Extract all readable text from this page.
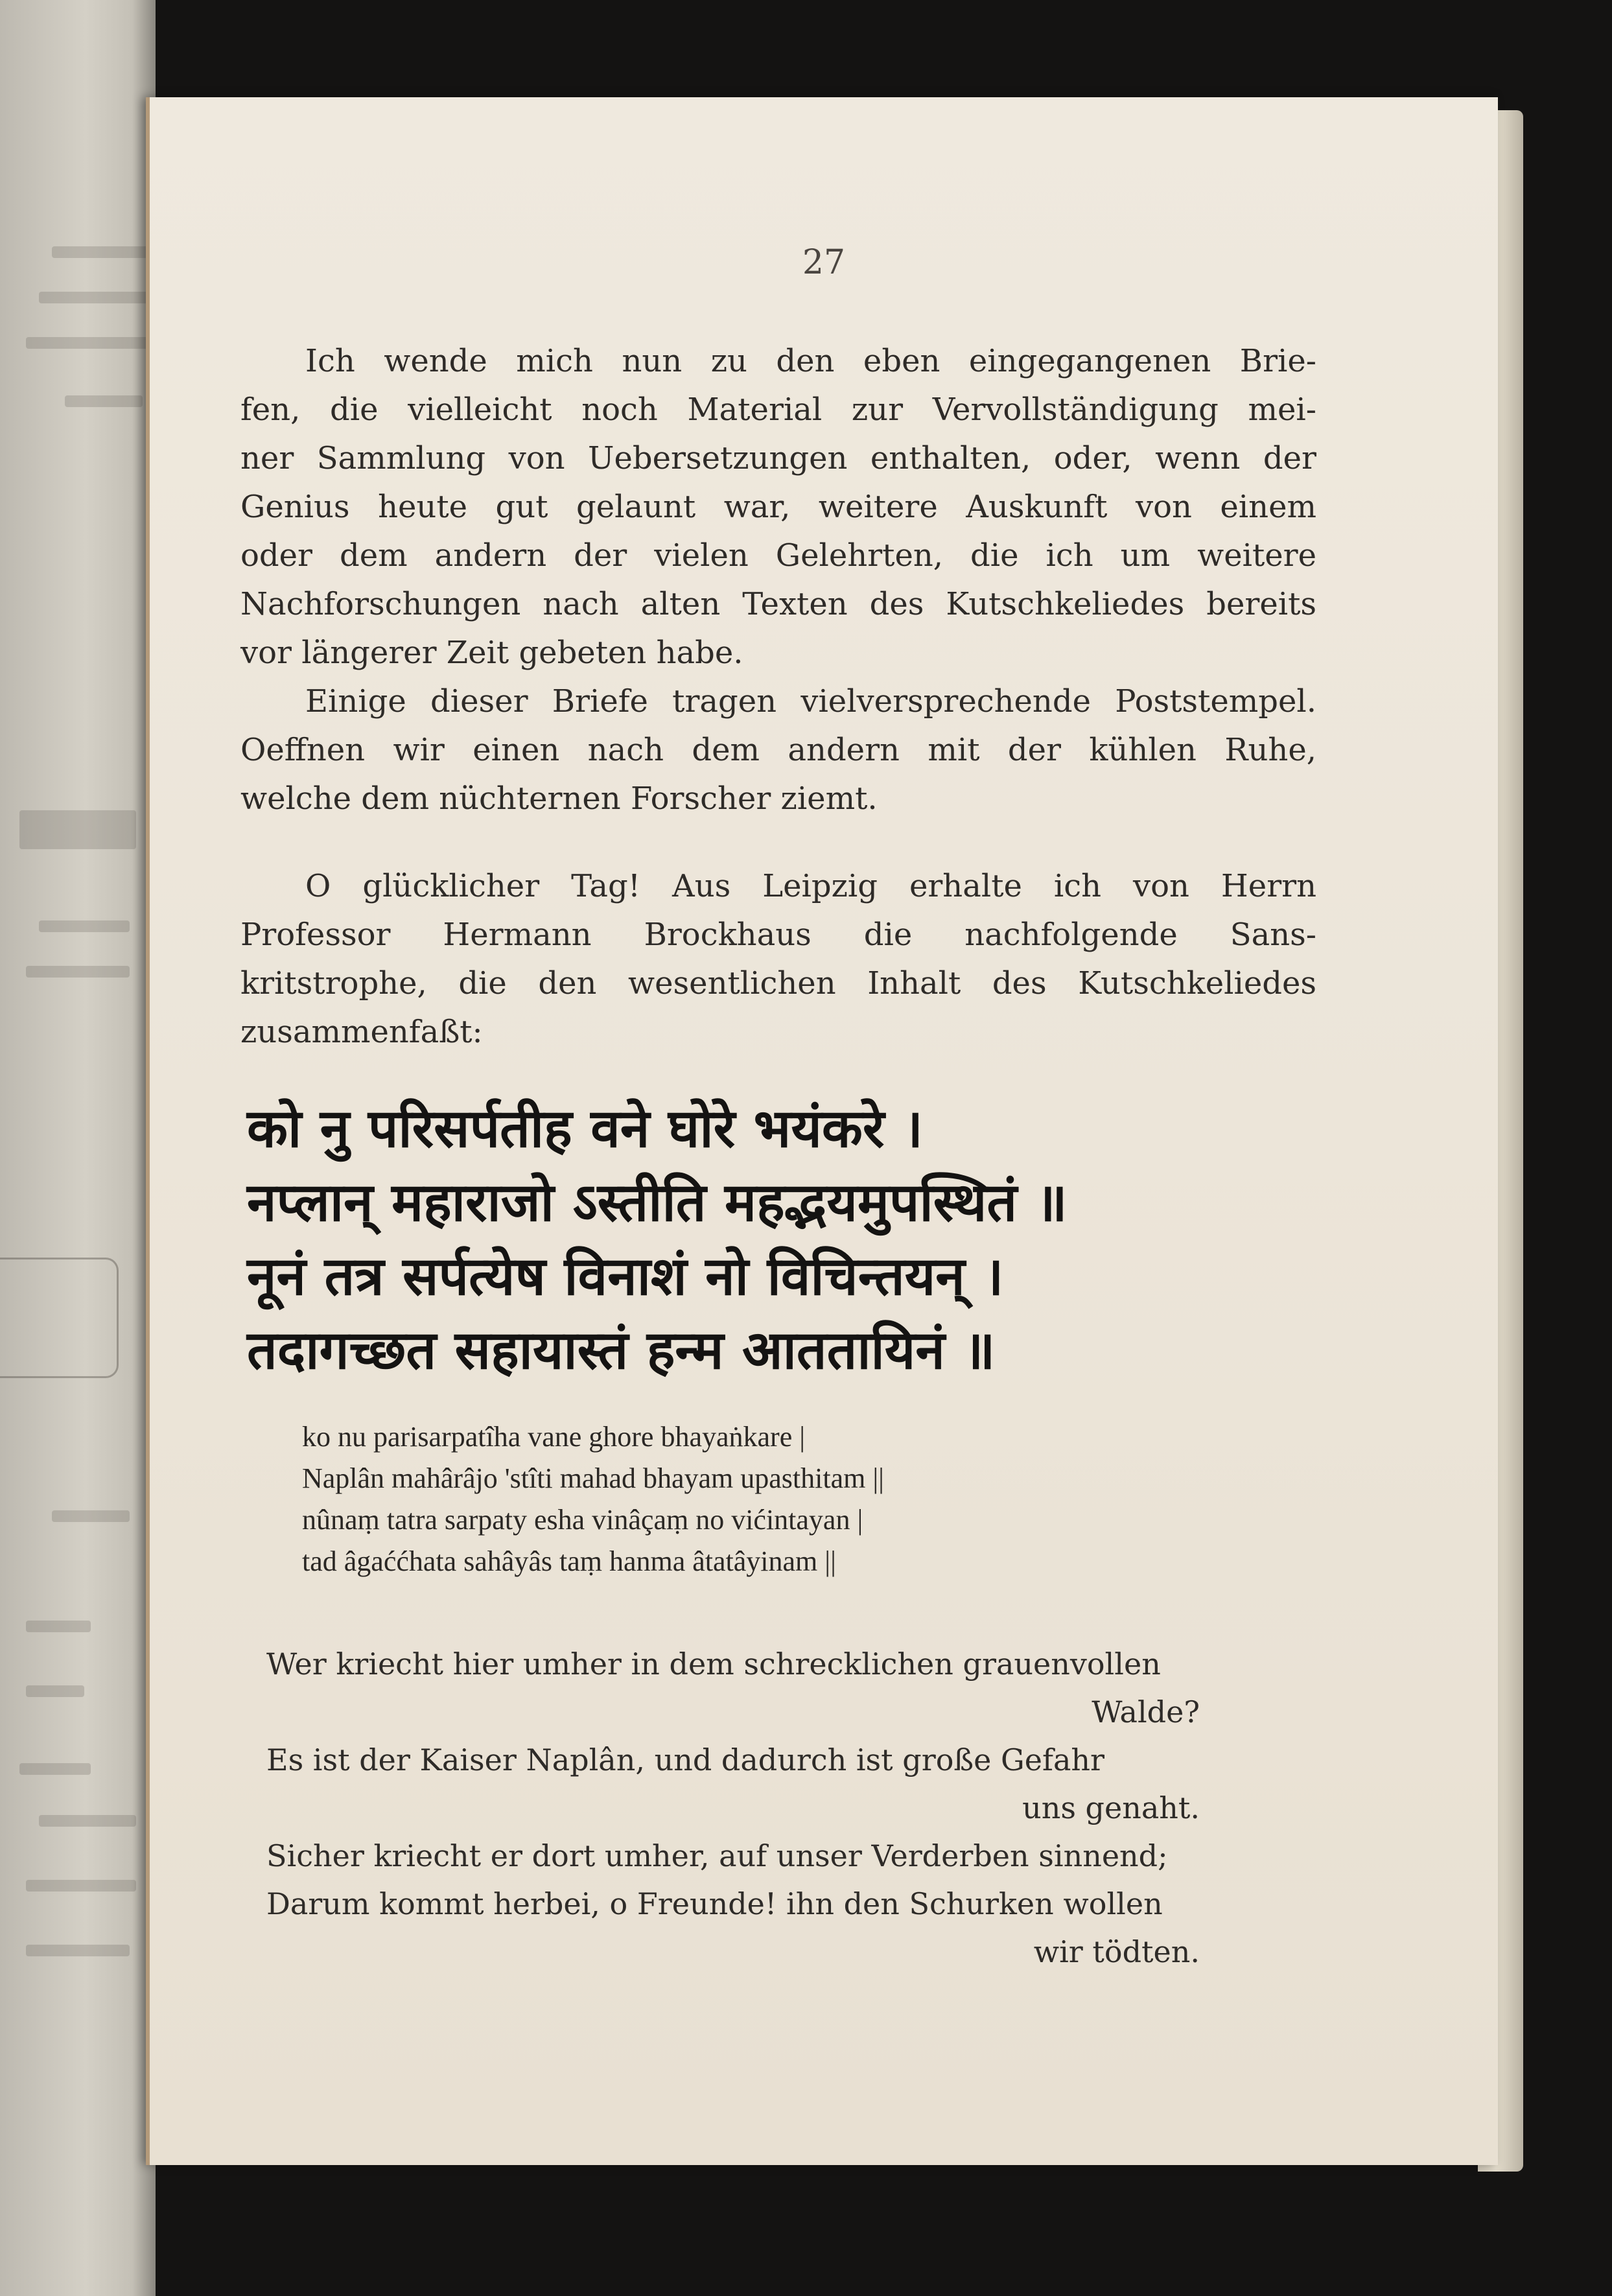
27
Ich wende mich nun zu den eben eingegangenen Brie-
fen, die vielleicht noch Material zur Vervollständigung mei-
ner Sammlung von Uebersetzungen enthalten, oder, wenn der
Genius heute gut gelaunt war, weitere Auskunft von einem
oder dem andern der vielen Gelehrten, die ich um weitere
Nachforschungen nach alten Texten des Kutschkeliedes bereits
vor längerer Zeit gebeten habe.
Einige dieser Briefe tragen vielversprechende Poststempel.
Oeffnen wir einen nach dem andern mit der kühlen Ruhe,
welche dem nüchternen Forscher ziemt.
O glücklicher Tag! Aus Leipzig erhalte ich von Herrn
Professor Hermann Brockhaus die nachfolgende Sans-
kritstrophe, die den wesentlichen Inhalt des Kutschkeliedes
zusammenfaßt:
को नु परिसर्पतीह वने घोरे भयंकरे ।
नप्लान् महाराजो ऽस्तीति महद्भयमुपस्थितं ॥
नूनं तत्र सर्पत्येष विनाशं नो विचिन्तयन् ।
तदागच्छत सहायास्तं हन्म आततायिनं ॥
ko nu parisarpatîha vane ghore bhayaṅkare |
Naplân mahârâjo 'stîti mahad bhayam upasthitam ||
nûnaṃ tatra sarpaty esha vinâçaṃ no vićintayan |
tad âgaććhata sahâyâs taṃ hanma âtatâyinam ||
Wer kriecht hier umher in dem schrecklichen grauenvollen
Walde?
Es ist der Kaiser Naplân, und dadurch ist große Gefahr
uns genaht.
Sicher kriecht er dort umher, auf unser Verderben sinnend;
Darum kommt herbei, o Freunde! ihn den Schurken wollen
wir tödten.
